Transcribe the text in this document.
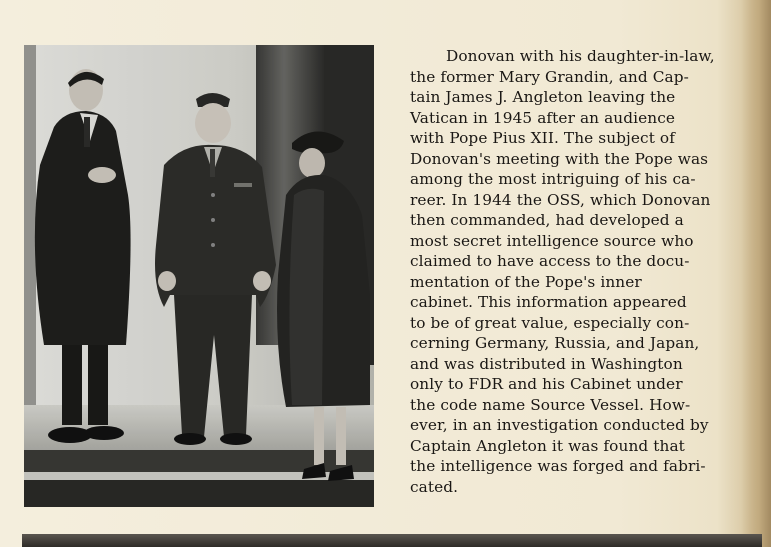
Donovan with his daughter-in-law,
the former Mary Grandin, and Cap-
tain James J. Angleton leaving the
Vatican in 1945 after an audience
with Pope Pius XII. The subject of
Donovan's meeting with the Pope was
among the most intriguing of his ca-
reer. In 1944 the OSS, which Donovan
then commanded, had developed a
most secret intelligence source who
claimed to have access to the docu-
mentation of the Pope's inner
cabinet. This information appeared
to be of great value, especially con-
cerning Germany, Russia, and Japan,
and was distributed in Washington
only to FDR and his Cabinet under
the code name Source Vessel. How-
ever, in an investigation conducted by
Captain Angleton it was found that
the intelligence was forged and fabri-
cated.
